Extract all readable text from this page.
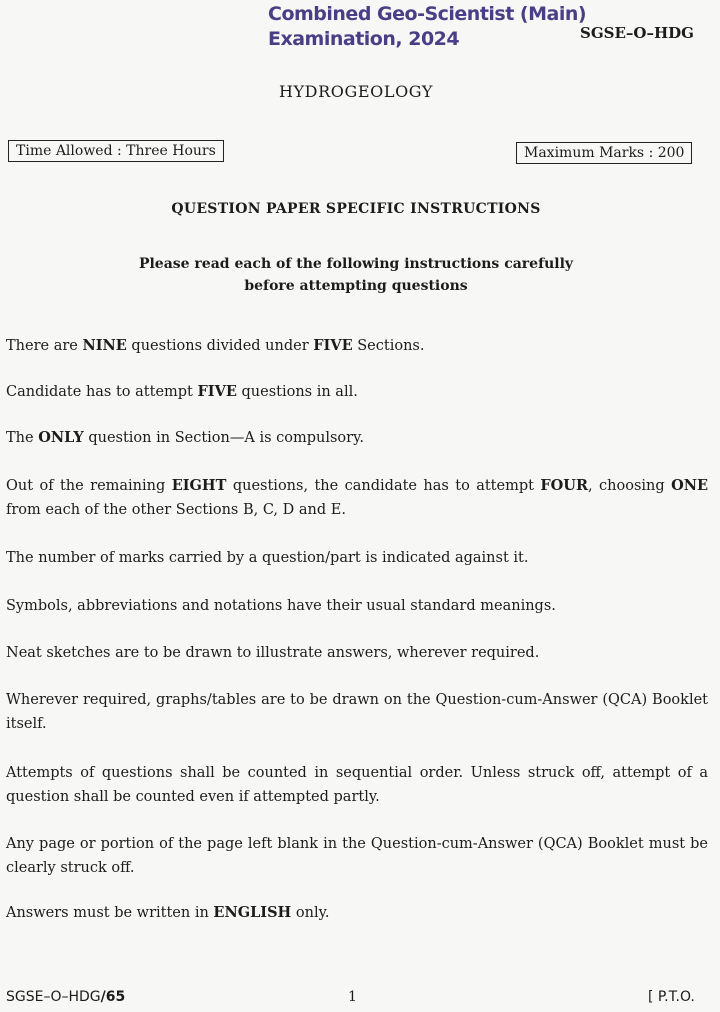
Combined Geo-Scientist (Main)
Examination, 2024	SGSE–O–HDG
HYDROGEOLOGY
Time Allowed : Three Hours	Maximum Marks : 200
QUESTION PAPER SPECIFIC INSTRUCTIONS
Please read each of the following instructions carefully
before attempting questions
There are NINE questions divided under FIVE Sections.
Candidate has to attempt FIVE questions in all.
The ONLY question in Section—A is compulsory.
Out of the remaining EIGHT questions, the candidate has to attempt FOUR, choosing ONE from each of the other Sections B, C, D and E.
The number of marks carried by a question/part is indicated against it.
Symbols, abbreviations and notations have their usual standard meanings.
Neat sketches are to be drawn to illustrate answers, wherever required.
Wherever required, graphs/tables are to be drawn on the Question-cum-Answer (QCA) Booklet itself.
Attempts of questions shall be counted in sequential order. Unless struck off, attempt of a question shall be counted even if attempted partly.
Any page or portion of the page left blank in the Question-cum-Answer (QCA) Booklet must be clearly struck off.
Answers must be written in ENGLISH only.
SGSE–O–HDG/65	1	[ P.T.O.
